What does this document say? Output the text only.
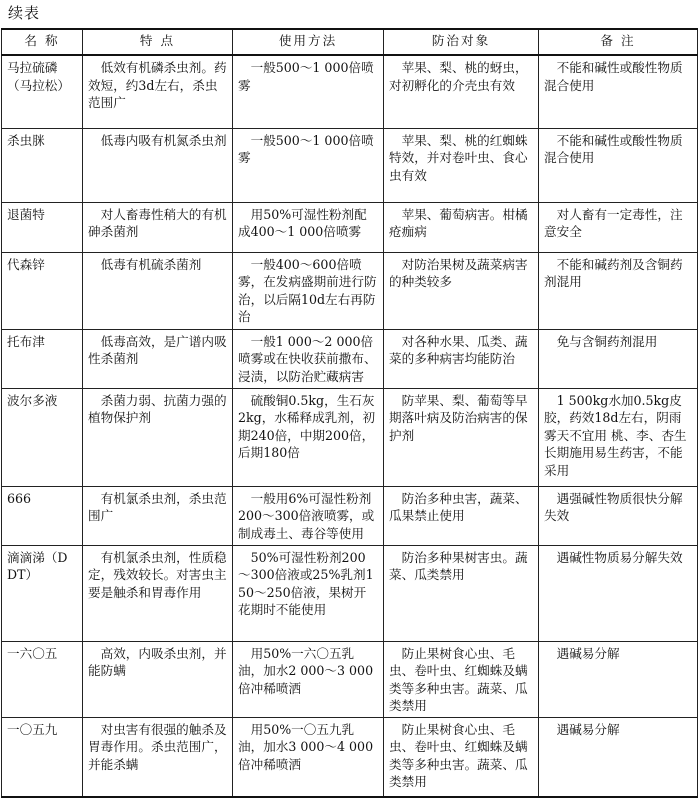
续表
名 称	特 点	使用方法	防治对象	备 注
马拉硫磷（马拉松）	低效有机磷杀虫剂。药效短，约3d左右，杀虫范围广	一般500～1 000倍喷雾	苹果、梨、桃的蚜虫，对初孵化的介壳虫有效	不能和碱性或酸性物质混合使用
杀虫脒	低毒内吸有机氮杀虫剂	一般500～1 000倍喷雾	苹果、梨、桃的红蜘蛛特效，并对卷叶虫、食心虫有效	不能和碱性或酸性物质混合使用
退菌特	对人畜毒性稍大的有机砷杀菌剂	用50%可湿性粉剂配成400～1 000倍喷雾	苹果、葡萄病害。柑橘疮痂病	对人畜有一定毒性，注意安全
代森锌	低毒有机硫杀菌剂	一般400～600倍喷雾，在发病盛期前进行防治，以后隔10d左右再防治	对防治果树及蔬菜病害的种类较多	不能和碱药剂及含铜药剂混用
托布津	低毒高效，是广谱内吸性杀菌剂	一般1 000～2 000倍喷雾或在快收获前撒布、浸渍，以防治贮藏病害	对各种水果、瓜类、蔬菜的多种病害均能防治	免与含铜药剂混用
波尔多液	杀菌力弱、抗菌力强的植物保护剂	硫酸铜0.5kg，生石灰2kg，水稀释成乳剂，初期240倍，中期200倍，后期180倍	防苹果、梨、葡萄等早期落叶病及防治病害的保护剂	1 500kg水加0.5kg皮胶，药效18d左右，阴雨雾天不宜用 桃、李、杏生长期施用易生药害，不能采用
666	有机氯杀虫剂，杀虫范围广	一般用6%可湿性粉剂200～300倍液喷雾，或制成毒土、毒谷等使用	防治多种虫害，蔬菜、瓜果禁止使用	遇强碱性物质很快分解失效
滴滴涕（DDT）	有机氯杀虫剂，性质稳定，残效较长。对害虫主要是触杀和胃毒作用	50%可湿性粉剂200～300倍液或25%乳剂150～250倍液，果树开花期时不能使用	防治多种果树害虫。蔬菜、瓜类禁用	遇碱性物质易分解失效
一六〇五	高效，内吸杀虫剂，并能防螨	用50%一六〇五乳油，加水2 000～3 000倍冲稀喷洒	防止果树食心虫、毛虫、卷叶虫、红蜘蛛及螨类等多种虫害。蔬菜、瓜类禁用	遇碱易分解
一〇五九	对虫害有很强的触杀及胃毒作用。杀虫范围广，并能杀螨	用50%一〇五九乳油，加水3 000～4 000倍冲稀喷洒	防止果树食心虫、毛虫、卷叶虫、红蜘蛛及螨类等多种虫害。蔬菜、瓜类禁用	遇碱易分解
